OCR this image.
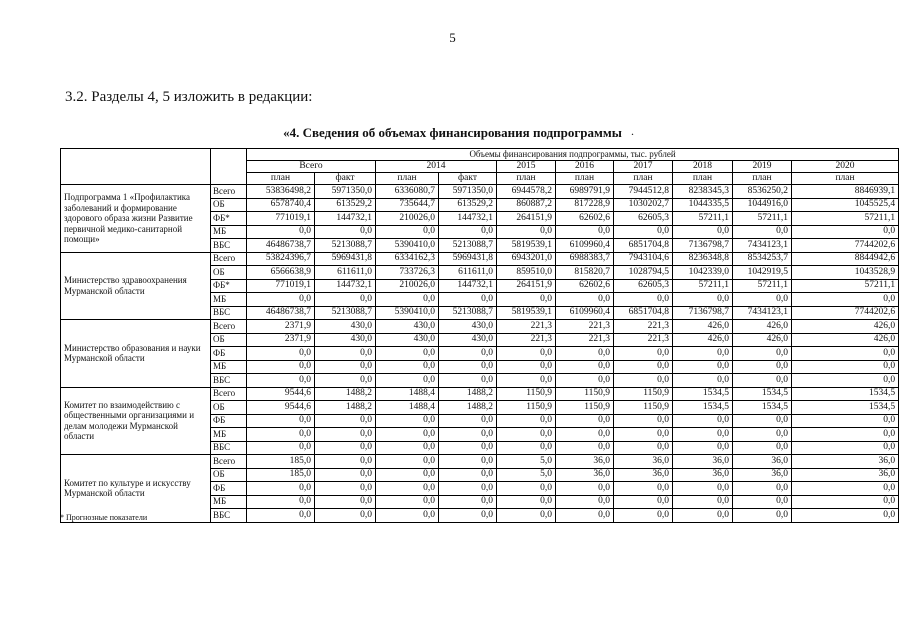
5
3.2. Разделы 4, 5 изложить в редакции:
«4. Сведения об объемах финансирования подпрограммы .
		Объемы финансирования подпрограммы, тыс. рублей									
		Всего		2014		2015	2016	2017	2018	2019	2020
		план	факт	план	факт	план	план	план	план	план	план
Подпрограмма 1 «Профилактика заболеваний и формирование здорового образа жизни Развитие первичной медико-санитарной помощи»	Всего	53836498,2	5971350,0	6336080,7	5971350,0	6944578,2	6989791,9	7944512,8	8238345,3	8536250,2	8846939,1
	ОБ	6578740,4	613529,2	735644,7	613529,2	860887,2	817228,9	1030202,7	1044335,5	1044916,0	1045525,4
	ФБ*	771019,1	144732,1	210026,0	144732,1	264151,9	62602,6	62605,3	57211,1	57211,1	57211,1
	МБ	0,0	0,0	0,0	0,0	0,0	0,0	0,0	0,0	0,0	0,0
	ВБС	46486738,7	5213088,7	5390410,0	5213088,7	5819539,1	6109960,4	6851704,8	7136798,7	7434123,1	7744202,6
Министерство здравоохранения Мурманской области	Всего	53824396,7	5969431,8	6334162,3	5969431,8	6943201,0	6988383,7	7943104,6	8236348,8	8534253,7	8844942,6
	ОБ	6566638,9	611611,0	733726,3	611611,0	859510,0	815820,7	1028794,5	1042339,0	1042919,5	1043528,9
	ФБ*	771019,1	144732,1	210026,0	144732,1	264151,9	62602,6	62605,3	57211,1	57211,1	57211,1
	МБ	0,0	0,0	0,0	0,0	0,0	0,0	0,0	0,0	0,0	0,0
	ВБС	46486738,7	5213088,7	5390410,0	5213088,7	5819539,1	6109960,4	6851704,8	7136798,7	7434123,1	7744202,6
Министерство образования и науки Мурманской области	Всего	2371,9	430,0	430,0	430,0	221,3	221,3	221,3	426,0	426,0	426,0
	ОБ	2371,9	430,0	430,0	430,0	221,3	221,3	221,3	426,0	426,0	426,0
	ФБ	0,0	0,0	0,0	0,0	0,0	0,0	0,0	0,0	0,0	0,0
	МБ	0,0	0,0	0,0	0,0	0,0	0,0	0,0	0,0	0,0	0,0
	ВБС	0,0	0,0	0,0	0,0	0,0	0,0	0,0	0,0	0,0	0,0
Комитет по взаимодействию с общественными организациями и делам молодежи Мурманской области	Всего	9544,6	1488,2	1488,4	1488,2	1150,9	1150,9	1150,9	1534,5	1534,5	1534,5
	ОБ	9544,6	1488,2	1488,4	1488,2	1150,9	1150,9	1150,9	1534,5	1534,5	1534,5
	ФБ	0,0	0,0	0,0	0,0	0,0	0,0	0,0	0,0	0,0	0,0
	МБ	0,0	0,0	0,0	0,0	0,0	0,0	0,0	0,0	0,0	0,0
	ВБС	0,0	0,0	0,0	0,0	0,0	0,0	0,0	0,0	0,0	0,0
Комитет по культуре и искусству Мурманской области	Всего	185,0	0,0	0,0	0,0	5,0	36,0	36,0	36,0	36,0	36,0
	ОБ	185,0	0,0	0,0	0,0	5,0	36,0	36,0	36,0	36,0	36,0
	ФБ	0,0	0,0	0,0	0,0	0,0	0,0	0,0	0,0	0,0	0,0
	МБ	0,0	0,0	0,0	0,0	0,0	0,0	0,0	0,0	0,0	0,0
	ВБС	0,0	0,0	0,0	0,0	0,0	0,0	0,0	0,0	0,0	0,0
* Прогнозные показатели
